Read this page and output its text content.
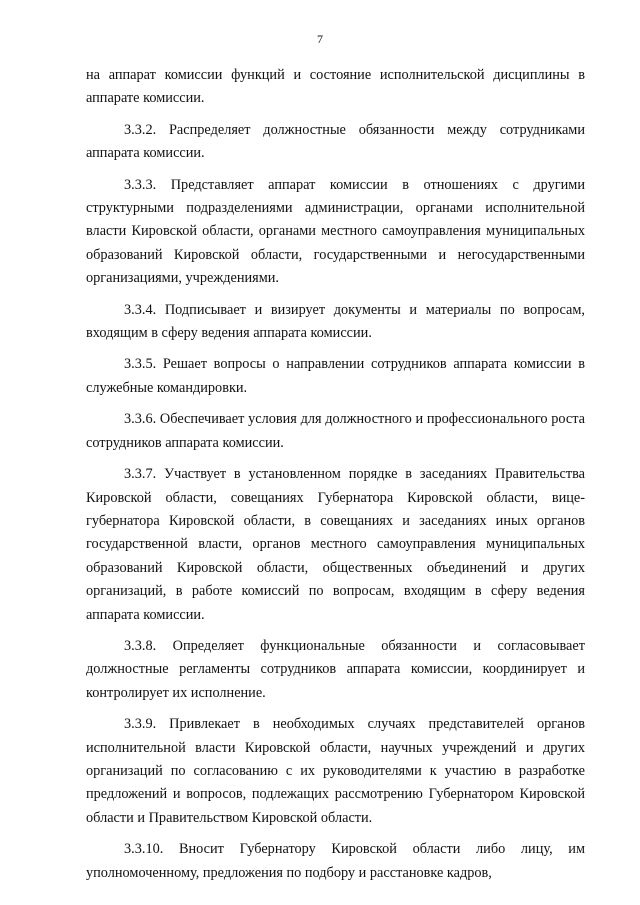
7

на аппарат комиссии функций и состояние исполнительской дисциплины в аппарате комиссии.

3.3.2. Распределяет должностные обязанности между сотрудниками аппарата комиссии.

3.3.3. Представляет аппарат комиссии в отношениях с другими структурными подразделениями администрации, органами исполнительной власти Кировской области, органами местного самоуправления муниципальных образований Кировской области, государственными и негосударственными организациями, учреждениями.

3.3.4. Подписывает и визирует документы и материалы по вопросам, входящим в сферу ведения аппарата комиссии.

3.3.5. Решает вопросы о направлении сотрудников аппарата комиссии в служебные командировки.

3.3.6. Обеспечивает условия для должностного и профессионального роста сотрудников аппарата комиссии.

3.3.7. Участвует в установленном порядке в заседаниях Правительства Кировской области, совещаниях Губернатора Кировской области, вице-губернатора Кировской области, в совещаниях и заседаниях иных органов государственной власти, органов местного самоуправления муниципальных образований Кировской области, общественных объединений и других организаций, в работе комиссий по вопросам, входящим в сферу ведения аппарата комиссии.

3.3.8. Определяет функциональные обязанности и согласовывает должностные регламенты сотрудников аппарата комиссии, координирует и контролирует их исполнение.

3.3.9. Привлекает в необходимых случаях представителей органов исполнительной власти Кировской области, научных учреждений и других организаций по согласованию с их руководителями к участию в разработке предложений и вопросов, подлежащих рассмотрению Губернатором Кировской области и Правительством Кировской области.

3.3.10. Вносит Губернатору Кировской области либо лицу, им уполномоченному, предложения по подбору и расстановке кадров,
